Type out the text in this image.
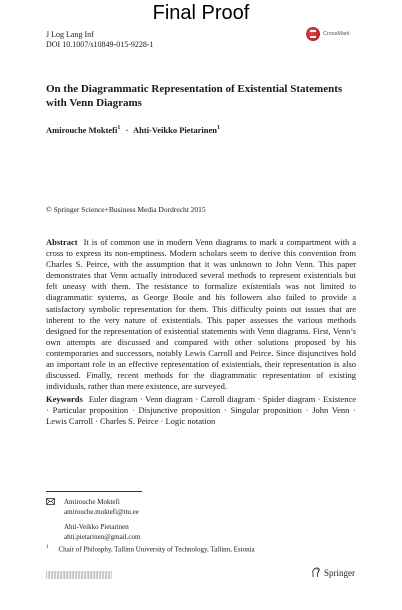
Final Proof
J Log Lang Inf
DOI 10.1007/s10849-015-9228-1
CrossMark
On the Diagrammatic Representation of Existential Statements with Venn Diagrams
Amirouche Moktefi$^1$ · Ahti-Veikko Pietarinen$^1$
© Springer Science+Business Media Dordrecht 2015

Abstract It is of common use in modern Venn diagrams to mark a compartment with a cross to express its non-emptiness. Modern scholars seem to derive this convention from Charles S. Peirce, with the assumption that it was unknown to John Venn. This paper demonstrates that Venn actually introduced several methods to represent existentials but felt uneasy with them. The resistance to formalize existentials was not limited to diagrammatic systems, as George Boole and his followers also failed to provide a satisfactory symbolic representation for them. This difficulty points out issues that are inherent to the very nature of existentials. This paper assesses the various methods designed for the representation of existential statements with Venn diagrams. First, Venn’s own attempts are discussed and compared with other solutions proposed by his contemporaries and successors, notably Lewis Carroll and Peirce. Since disjunctives hold an important role in an effective representation of existentials, their representation is also discussed. Finally, recent methods for the diagrammatic representation of existing individuals, rather than mere existence, are surveyed.

Keywords Euler diagram · Venn diagram · Carroll diagram · Spider diagram · Existence · Particular proposition · Disjunctive proposition · Singular proposition · John Venn · Lewis Carroll · Charles S. Peirce · Logic notation

Amirouche Moktefi
amirouche.moktefi@ttu.ee
Ahti-Veikko Pietarinen
ahti.pietarinen@gmail.com
$^1$ Chair of Philosphy, Tallinn University of Technology, Tallinn, Estonia
Springer
